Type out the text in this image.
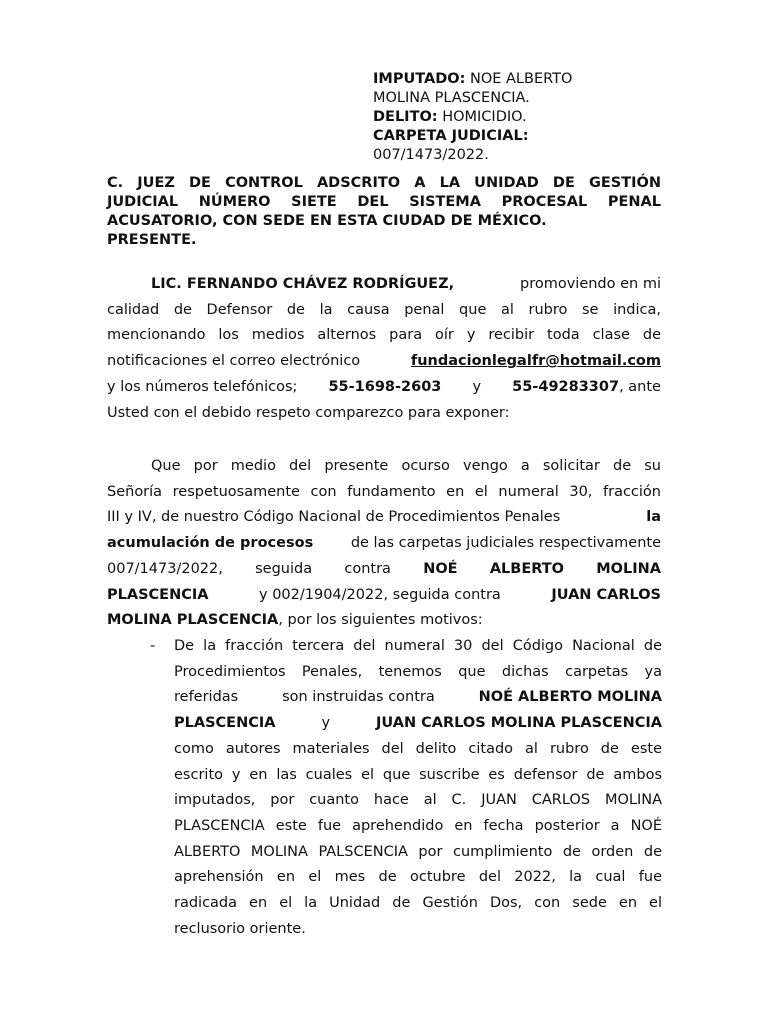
IMPUTADO: NOE ALBERTO
MOLINA PLASCENCIA.
DELITO: HOMICIDIO.
CARPETA JUDICIAL:
007/1473/2022.
C. JUEZ DE CONTROL ADSCRITO A LA UNIDAD DE GESTIÓN
JUDICIAL NÚMERO SIETE DEL SISTEMA PROCESAL PENAL
ACUSATORIO, CON SEDE EN ESTA CIUDAD DE MÉXICO.
PRESENTE.
LIC. FERNANDO CHÁVEZ RODRÍGUEZ,	promoviendo en mi
calidad de Defensor de la causa penal que al rubro se indica,
mencionando los medios alternos para oír y recibir toda clase de
notificaciones el correo electrónico	fundacionlegalfr@hotmail.com
y los números telefónicos; 55-1698-2603 y 55-49283307, ante
Usted con el debido respeto comparezco para exponer:
Que por medio del presente ocurso vengo a solicitar de su
Señoría respetuosamente con fundamento en el numeral 30, fracción
III y IV, de nuestro Código Nacional de Procedimientos Penales	la
acumulación de procesos	de las carpetas judiciales respectivamente
007/1473/2022, seguida contra NOÉ ALBERTO MOLINA
PLASCENCIA	y 002/1904/2022, seguida contra	JUAN CARLOS
MOLINA PLASCENCIA, por los siguientes motivos:
- De la fracción tercera del numeral 30 del Código Nacional de
Procedimientos Penales, tenemos que dichas carpetas ya
referidas	son instruidas contra	NOÉ ALBERTO MOLINA
PLASCENCIA	y	JUAN CARLOS MOLINA PLASCENCIA
como autores materiales del delito citado al rubro de este
escrito y en las cuales el que suscribe es defensor de ambos
imputados, por cuanto hace al C. JUAN CARLOS MOLINA
PLASCENCIA este fue aprehendido en fecha posterior a NOÉ
ALBERTO MOLINA PALSCENCIA por cumplimiento de orden de
aprehensión en el mes de octubre del 2022, la cual fue
radicada en el la Unidad de Gestión Dos, con sede en el
reclusorio oriente.
